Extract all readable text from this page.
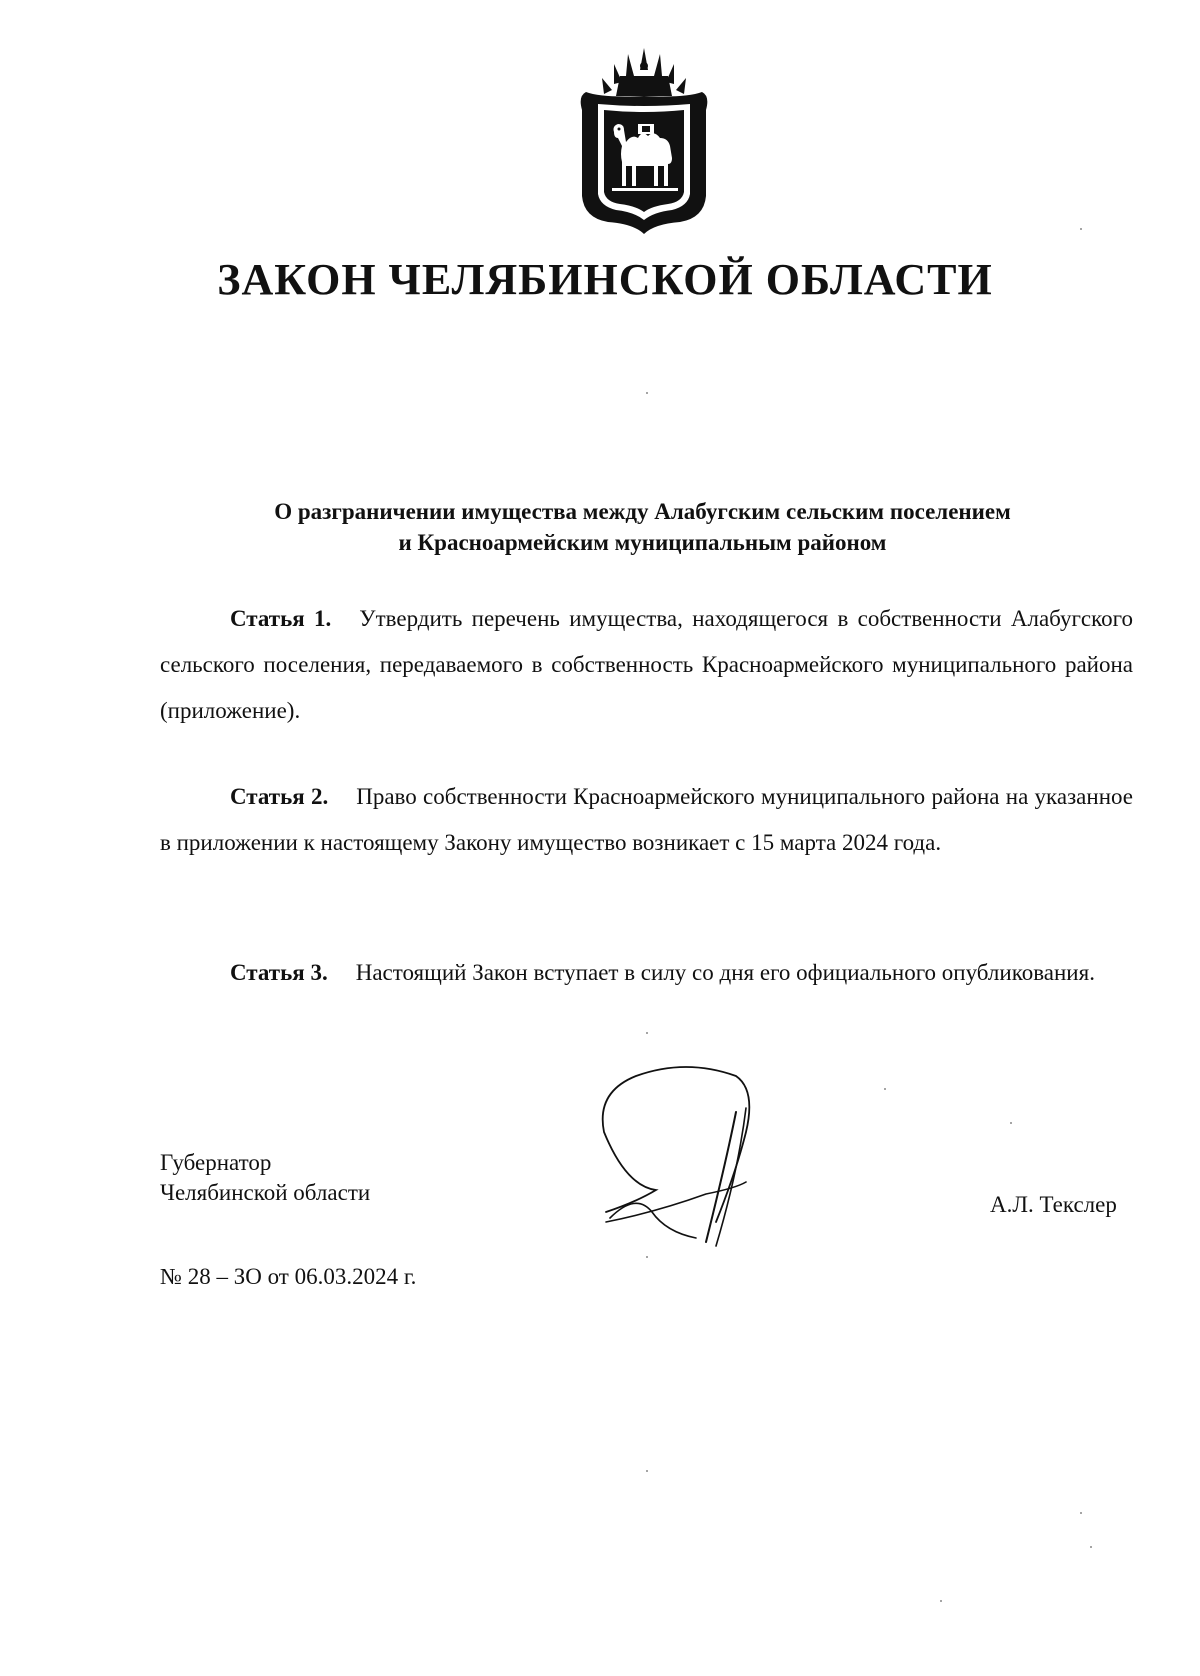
ЗАКОН ЧЕЛЯБИНСКОЙ ОБЛАСТИ
О разграничении имущества между Алабугским сельским поселением
и Красноармейским муниципальным районом

Статья 1. Утвердить перечень имущества, находящегося в собственности Алабугского сельского поселения, передаваемого в собственность Красноармейского муниципального района (приложение).

Статья 2. Право собственности Красноармейского муниципального района на указанное в приложении к настоящему Закону имущество возникает с 15 марта 2024 года.

Статья 3. Настоящий Закон вступает в силу со дня его официального опубликования.

Губернатор
Челябинской области	А.Л. Текслер
№ 28 – ЗО от 06.03.2024 г.
